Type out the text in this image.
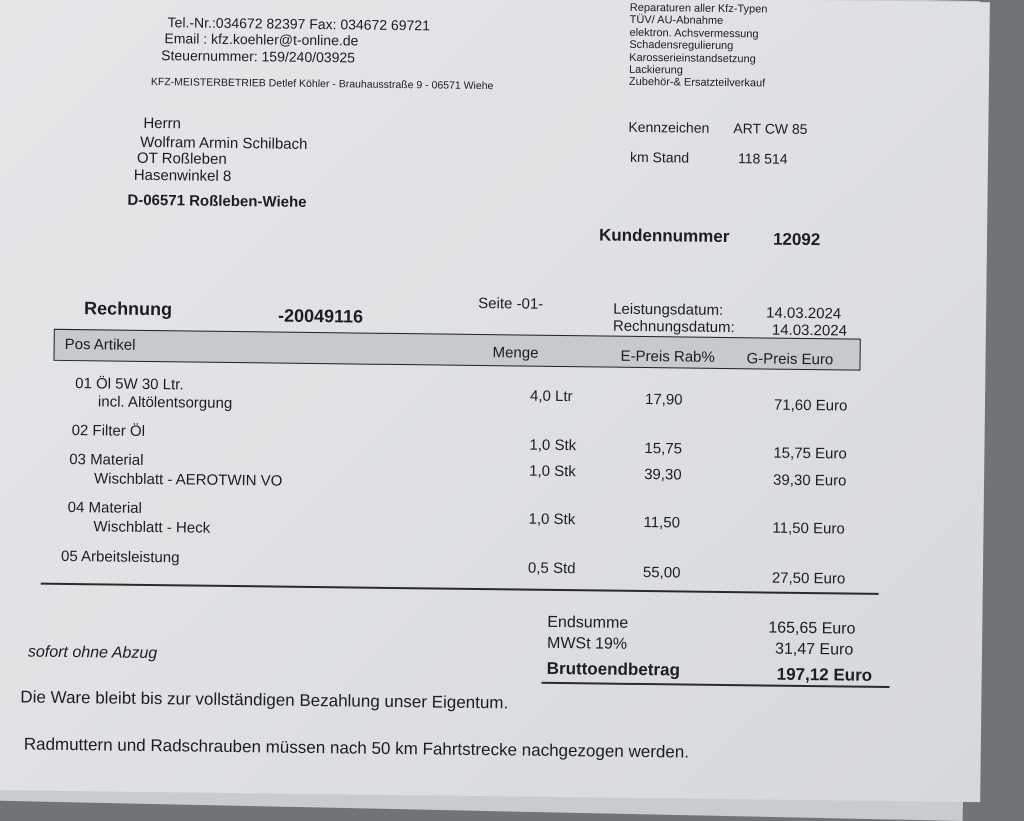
Tel.-Nr.:034672 82397 Fax: 034672 69721
Email : kfz.koehler@t-online.de
Steuernummer: 159/240/03925
Reparaturen aller Kfz-Typen
TÜV/ AU-Abnahme
elektron. Achsvermessung
Schadensregulierung
Karosserieinstandsetzung
Lackierung
Zubehör-& Ersatzteilverkauf
KFZ-MEISTERBETRIEB Detlef Köhler - Brauhausstraße 9 - 06571 Wiehe
Herrn
Wolfram Armin Schilbach
OT Roßleben
Hasenwinkel 8
D-06571 Roßleben-Wiehe
Kennzeichen ART CW 85
km Stand	118 514
Kundennummer	12092
Rechnung	-20049116
Seite -01-	Leistungsdatum:	14.03.2024
Rechnungsdatum: 14.03.2024
Pos Artikel	Menge	E-Preis Rab% G-Preis Euro
01 Öl 5W 30 Ltr.
incl. Altölentsorgung	4,0 Ltr	17,90	71,60 Euro
02 Filter Öl
1,0 Stk	15,75	15,75 Euro
03 Material
Wischblatt - AEROTWIN VO	1,0 Stk	39,30	39,30 Euro
04 Material
Wischblatt - Heck	1,0 Stk	11,50	11,50 Euro
05 Arbeitsleistung
0,5 Std	55,00	27,50 Euro
Endsumme	165,65 Euro
MWSt 19%	31,47 Euro
Bruttoendbetrag	197,12 Euro
sofort ohne Abzug
Die Ware bleibt bis zur vollständigen Bezahlung unser Eigentum.
Radmuttern und Radschrauben müssen nach 50 km Fahrtstrecke nachgezogen werden.
